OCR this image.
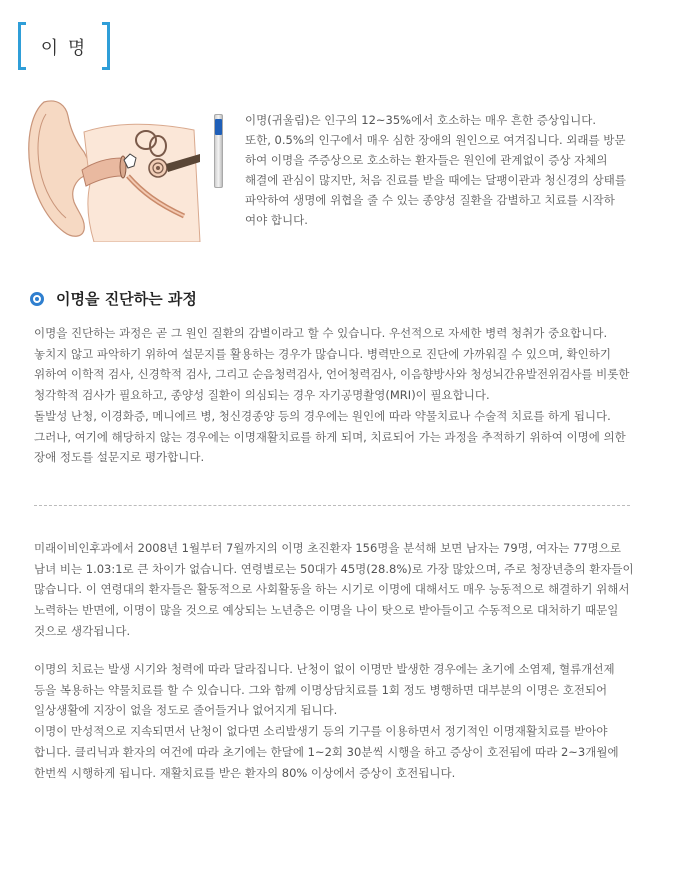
이 명
이명(귀울림)은 인구의 12~35%에서 호소하는 매우 흔한 증상입니다.
또한, 0.5%의 인구에서 매우 심한 장애의 원인으로 여겨집니다. 외래를 방문
하여 이명을 주증상으로 호소하는 환자들은 원인에 관계없이 증상 자체의
해결에 관심이 많지만, 처음 진료를 받을 때에는 달팽이관과 청신경의 상태를
파악하여 생명에 위협을 줄 수 있는 종양성 질환을 감별하고 치료를 시작하
여야 합니다.
이명을 진단하는 과정
이명을 진단하는 과정은 곧 그 원인 질환의 감별이라고 할 수 있습니다. 우선적으로 자세한 병력 청취가 중요합니다.
놓치지 않고 파악하기 위하여 설문지를 활용하는 경우가 많습니다. 병력만으로 진단에 가까워질 수 있으며, 확인하기
위하여 이학적 검사, 신경학적 검사, 그리고 순음청력검사, 언어청력검사, 이음향방사와 청성뇌간유발전위검사를 비롯한
청각학적 검사가 필요하고, 종양성 질환이 의심되는 경우 자기공명촬영(MRI)이 필요합니다.
돌발성 난청, 이경화증, 메니에르 병, 청신경종양 등의 경우에는 원인에 따라 약물치료나 수술적 치료를 하게 됩니다.
그러나, 여기에 해당하지 않는 경우에는 이명재활치료를 하게 되며, 치료되어 가는 과정을 추적하기 위하여 이명에 의한
장애 정도를 설문지로 평가합니다.
미래이비인후과에서 2008년 1월부터 7월까지의 이명 초진환자 156명을 분석해 보면 남자는 79명, 여자는 77명으로
남녀 비는 1.03:1로 큰 차이가 없습니다. 연령별로는 50대가 45명(28.8%)로 가장 많았으며, 주로 청장년층의 환자들이
많습니다. 이 연령대의 환자들은 활동적으로 사회활동을 하는 시기로 이명에 대해서도 매우 능동적으로 해결하기 위해서
노력하는 반면에, 이명이 많을 것으로 예상되는 노년층은 이명을 나이 탓으로 받아들이고 수동적으로 대처하기 때문일
것으로 생각됩니다.
이명의 치료는 발생 시기와 청력에 따라 달라집니다. 난청이 없이 이명만 발생한 경우에는 초기에 소염제, 혈류개선제
등을 복용하는 약물치료를 할 수 있습니다. 그와 함께 이명상담치료를 1회 정도 병행하면 대부분의 이명은 호전되어
일상생활에 지장이 없을 정도로 줄어들거나 없어지게 됩니다.
이명이 만성적으로 지속되면서 난청이 없다면 소리발생기 등의 기구를 이용하면서 정기적인 이명재활치료를 받아야
합니다. 클리닉과 환자의 여건에 따라 초기에는 한달에 1~2회 30분씩 시행을 하고 증상이 호전됨에 따라 2~3개월에
한번씩 시행하게 됩니다. 재활치료를 받은 환자의 80% 이상에서 증상이 호전됩니다.
